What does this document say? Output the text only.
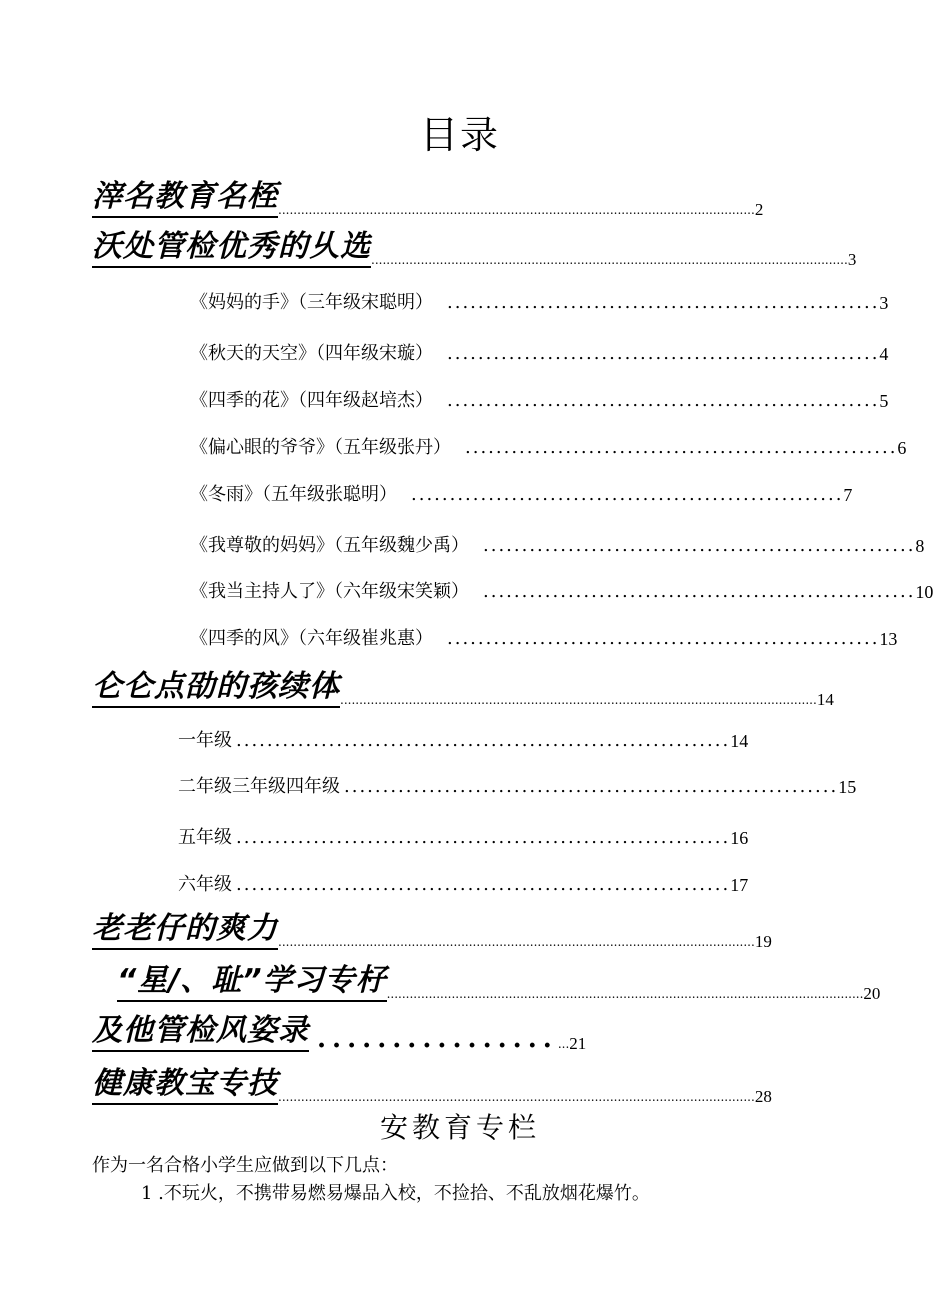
目录
滓名教育名桎 ............................................................................................................................. 2
沃处管检优秀的乆选 ............................................................................................................................. 3
《妈妈的手》（三年级宋聪明） ........................................................ 3
《秋天的天空》（四年级宋璇） ........................................................ 4
《四季的花》（四年级赵培杰） ........................................................ 5
《偏心眼的爷爷》（五年级张丹） ........................................................ 6
《冬雨》（五年级张聪明） ........................................................ 7
《我尊敬的妈妈》（五年级魏少禹） ........................................................ 8
《我当主持人了》（六年级宋笑颖） ........................................................ 10
《四季的风》（六年级崔兆惠） ........................................................ 13
仑仑点劭的孩续体 ............................................................................................................................. 14
一年级 ................................................................ 14
二年级三年级四年级 ................................................................ 15
五年级 ................................................................ 16
六年级 ................................................................ 17
老老仔的爽力 ............................................................................................................................. 19
“星/、耻”学习专杍 ............................................................................................................................. 20
及他管检风姿录 ................ ... 21
健康教宝专技 ............................................................................................................................. 28
安教育专栏
作为一名合格小学生应做到以下几点：
1 .不玩火，不携带易燃易爆品入校，不捡拾、不乱放烟花爆竹。
